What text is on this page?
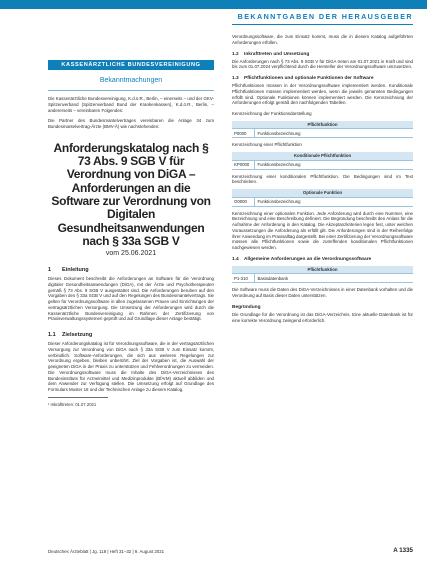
BEKANNTGABEN DER HERAUSGEBER
KASSENÄRZTLICHE BUNDESVEREINIGUNG
Bekanntmachungen

Die Kassenärztliche Bundesvereinigung, K.d.ö.R., Berlin, – einerseits – und der GKV-Spitzenverband (Spitzenverband Bund der Krankenkassen), K.d.ö.R., Berlin, – andererseits – vereinbaren Folgendes:

Die Partner des Bundesmantelvertrages vereinbaren die Anlage 34 zum Bundesmantelvertrag-Ärzte (BMV-Ä) wie nachstehenden:

Anforderungskatalog nach § 73 Abs. 9 SGB V für Verordnung von DiGA – Anforderungen an die Software zur Verordnung von Digitalen Gesundheitsanwendungen nach § 33a SGB V
vom 25.06.2021
1 Einleitung

Dieses Dokument beschreibt die Anforderungen an Software für die Verordnung digitaler Gesundheitsanwendungen (DiGA), mit der Ärzte und Psychotherapeuten gemäß § 73 Abs. 9 SGB V ausgestattet sind. Die Anforderungen beruhen auf den Vorgaben des § 33a SGB V und auf den Regelungen des Bundesmantelvertrags. Sie gelten für Verordnungssoftware in allen zugelassenen Praxen und Einrichtungen der vertragsärztlichen Versorgung. Die Umsetzung der Anforderungen wird durch die Kassenärztliche Bundesvereinigung im Rahmen der Zertifizierung von Praxisverwaltungssystemen geprüft und auf Grundlage dieser Anlage bestätigt.

1.1 Zielsetzung

Dieser Anforderungskatalog ist für Verordnungssoftware, die in der vertragsärztlichen Versorgung zur Verordnung von DiGA nach § 33a SGB V zum Einsatz kommt, verbindlich. Software-Anforderungen, die sich aus weiteren Regelungen zur Verordnung ergeben, bleiben unberührt. Ziel der Vorgaben ist, die Auswahl der geeigneten DiGA in der Praxis zu unterstützen und Fehlverordnungen zu vermeiden. Die Verordnungssoftware muss die Inhalte des DiGA-Verzeichnisses des Bundesinstituts für Arzneimittel und Medizinprodukte (BfArM) aktuell abbilden und dem Anwender zur Verfügung stellen. Die Umsetzung erfolgt auf Grundlage des Formulars Muster 16 und der Technischen Anlage zu diesem Katalog.

¹ Inkrafttreten: 01.07.2021

Verordnungssoftware, die zum Einsatz kommt, muss die in diesem Katalog aufgeführten Anforderungen erfüllen.

1.2 Inkrafttreten und Umsetzung

Die Anforderungen nach § 73 Abs. 9 SGB V für DiGA treten am 01.07.2021 in Kraft und sind bis zum 01.07.2024 verpflichtend durch die Hersteller der Verordnungssoftware umzusetzen.

1.3 Pflichtfunktionen und optionale Funktionen der Software

Pflichtfunktionen müssen in der Verordnungssoftware implementiert werden. Konditionale Pflichtfunktionen müssen implementiert werden, wenn die jeweils genannten Bedingungen erfüllt sind. Optionale Funktionen können implementiert werden. Die Kennzeichnung der Anforderungen erfolgt gemäß den nachfolgenden Tabellen.

Kennzeichnung der Funktionsdarstellung

Pflichtfunktion
P0000	Funktionsbezeichnung

Kennzeichnung einer Pflichtfunktion

Konditionale Pflichtfunktion
KP0000	Funktionsbezeichnung

Kennzeichnung einer konditionalen Pflichtfunktion. Die Bedingungen sind im Text beschrieben.

Optionale Funktion
O0000	Funktionsbezeichnung

Kennzeichnung einer optionalen Funktion. Jede Anforderung wird durch eine Nummer, eine Bezeichnung und eine Beschreibung definiert. Die Begründung beschreibt den Anlass für die Aufnahme der Anforderung in den Katalog. Die Akzeptanzkriterien legen fest, unter welchen Voraussetzungen die Anforderung als erfüllt gilt. Die Anforderungen sind in der Reihenfolge ihrer Anwendung im Praxisalltag dargestellt. Bei einer Zertifizierung der Verordnungssoftware müssen alle Pflichtfunktionen sowie die zutreffenden konditionalen Pflichtfunktionen nachgewiesen werden.

1.4 Allgemeine Anforderungen an die Verordnungssoftware
Pflichtfunktion
P1-310	Basisdatenbank

Die Software muss die Daten des DiGA-Verzeichnisses in einer Datenbank vorhalten und die Verordnung auf Basis dieser Daten unterstützen.

Begründung

Die Grundlage für die Verordnung ist das DiGA-Verzeichnis. Eine aktuelle Datenbank ist für eine korrekte Verordnung zwingend erforderlich.

Deutsches Ärzteblatt | Jg. 118 | Heft 31–32 | 9. August 2021	A 1335
